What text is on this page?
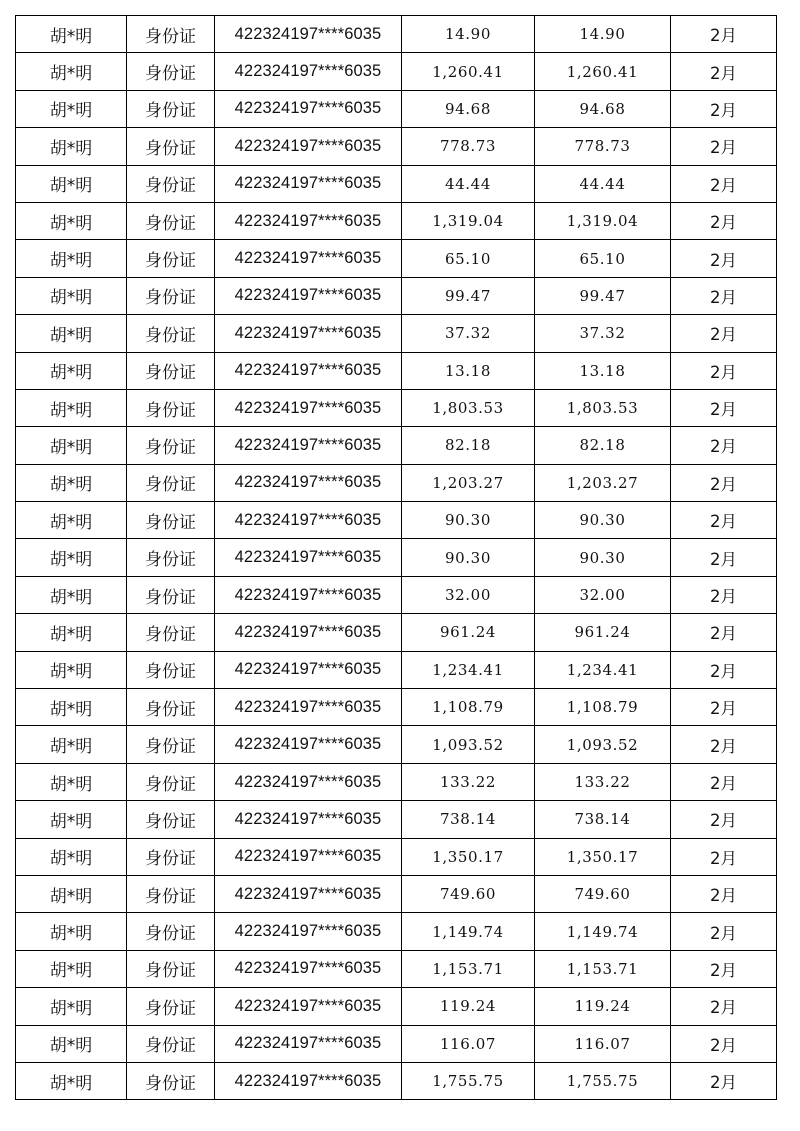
胡*明	身份证	422324197****6035	14.90	14.90	2月
胡*明	身份证	422324197****6035	1,260.41	1,260.41	2月
胡*明	身份证	422324197****6035	94.68	94.68	2月
胡*明	身份证	422324197****6035	778.73	778.73	2月
胡*明	身份证	422324197****6035	44.44	44.44	2月
胡*明	身份证	422324197****6035	1,319.04	1,319.04	2月
胡*明	身份证	422324197****6035	65.10	65.10	2月
胡*明	身份证	422324197****6035	99.47	99.47	2月
胡*明	身份证	422324197****6035	37.32	37.32	2月
胡*明	身份证	422324197****6035	13.18	13.18	2月
胡*明	身份证	422324197****6035	1,803.53	1,803.53	2月
胡*明	身份证	422324197****6035	82.18	82.18	2月
胡*明	身份证	422324197****6035	1,203.27	1,203.27	2月
胡*明	身份证	422324197****6035	90.30	90.30	2月
胡*明	身份证	422324197****6035	90.30	90.30	2月
胡*明	身份证	422324197****6035	32.00	32.00	2月
胡*明	身份证	422324197****6035	961.24	961.24	2月
胡*明	身份证	422324197****6035	1,234.41	1,234.41	2月
胡*明	身份证	422324197****6035	1,108.79	1,108.79	2月
胡*明	身份证	422324197****6035	1,093.52	1,093.52	2月
胡*明	身份证	422324197****6035	133.22	133.22	2月
胡*明	身份证	422324197****6035	738.14	738.14	2月
胡*明	身份证	422324197****6035	1,350.17	1,350.17	2月
胡*明	身份证	422324197****6035	749.60	749.60	2月
胡*明	身份证	422324197****6035	1,149.74	1,149.74	2月
胡*明	身份证	422324197****6035	1,153.71	1,153.71	2月
胡*明	身份证	422324197****6035	119.24	119.24	2月
胡*明	身份证	422324197****6035	116.07	116.07	2月
胡*明	身份证	422324197****6035	1,755.75	1,755.75	2月
